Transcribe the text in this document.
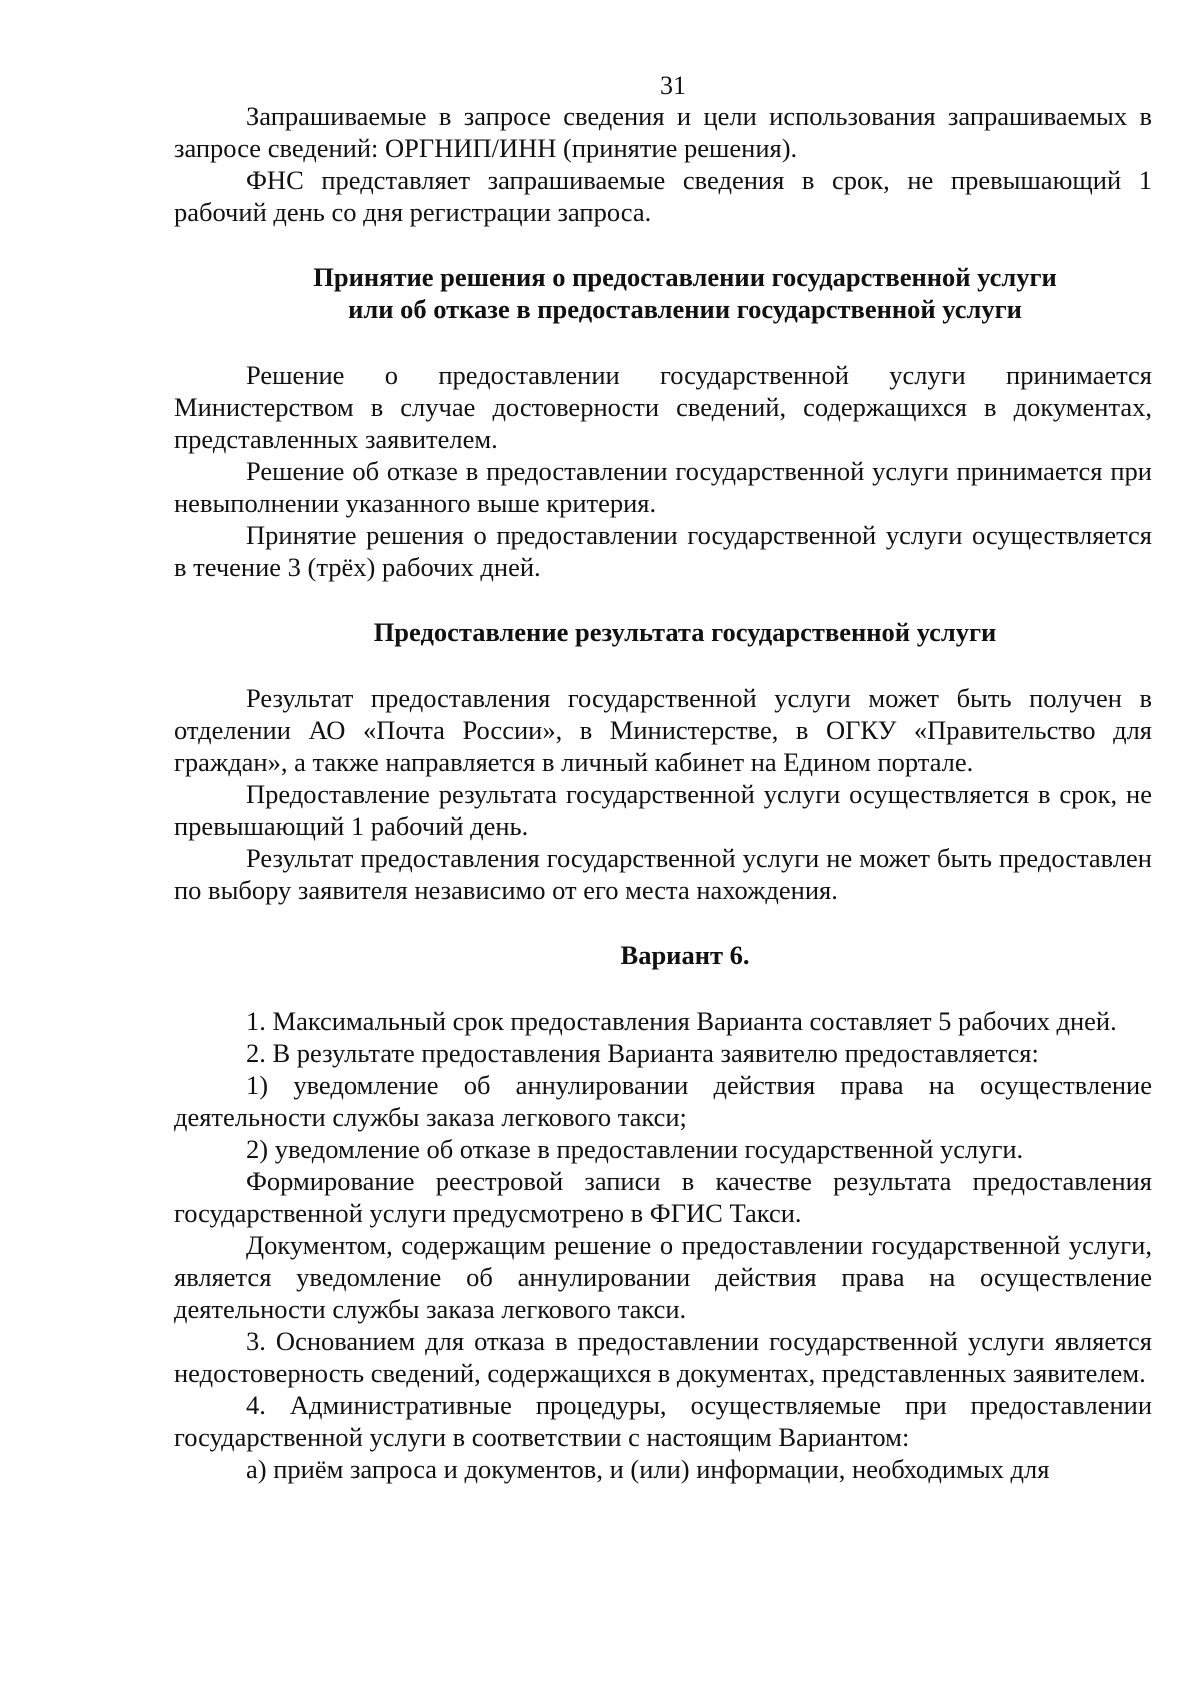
31

Запрашиваемые в запросе сведения и цели использования запрашиваемых в запросе сведений: ОРГНИП/ИНН (принятие решения).

ФНС представляет запрашиваемые сведения в срок, не превышающий 1 рабочий день со дня регистрации запроса.

Принятие решения о предоставлении государственной услуги
или об отказе в предоставлении государственной услуги

Решение о предоставлении государственной услуги принимается Министерством в случае достоверности сведений, содержащихся в документах, представленных заявителем.

Решение об отказе в предоставлении государственной услуги принимается при невыполнении указанного выше критерия.

Принятие решения о предоставлении государственной услуги осуществляется в течение 3 (трёх) рабочих дней.

Предоставление результата государственной услуги

Результат предоставления государственной услуги может быть получен в отделении АО «Почта России», в Министерстве, в ОГКУ «Правительство для граждан», а также направляется в личный кабинет на Едином портале.

Предоставление результата государственной услуги осуществляется в срок, не превышающий 1 рабочий день.

Результат предоставления государственной услуги не может быть предоставлен по выбору заявителя независимо от его места нахождения.

Вариант 6.

1. Максимальный срок предоставления Варианта составляет 5 рабочих дней.

2. В результате предоставления Варианта заявителю предоставляется:

1) уведомление об аннулировании действия права на осуществление деятельности службы заказа легкового такси;

2) уведомление об отказе в предоставлении государственной услуги.

Формирование реестровой записи в качестве результата предоставления государственной услуги предусмотрено в ФГИС Такси.

Документом, содержащим решение о предоставлении государственной услуги, является уведомление об аннулировании действия права на осуществление деятельности службы заказа легкового такси.

3. Основанием для отказа в предоставлении государственной услуги является недостоверность сведений, содержащихся в документах, представленных заявителем.

4. Административные процедуры, осуществляемые при предоставлении государственной услуги в соответствии с настоящим Вариантом:

а) приём запроса и документов, и (или) информации, необходимых для
